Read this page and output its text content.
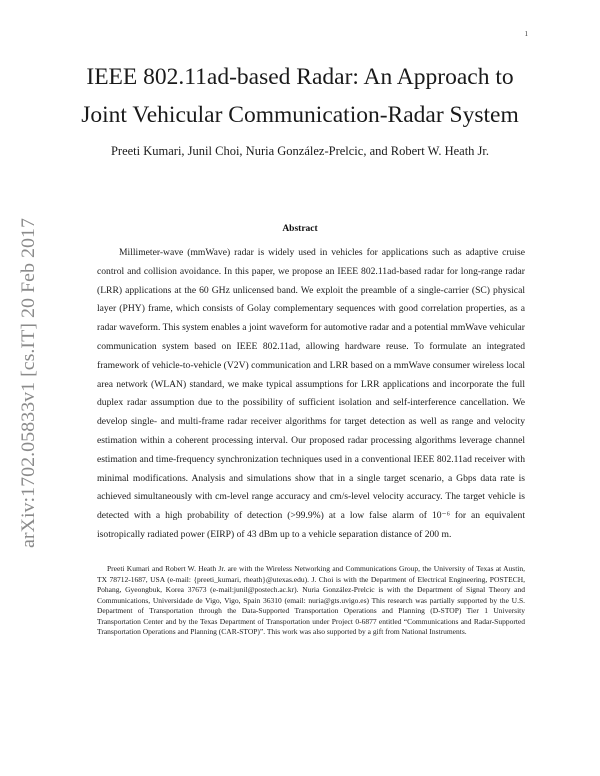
1
arXiv:1702.05833v1 [cs.IT] 20 Feb 2017
IEEE 802.11ad-based Radar: An Approach to
Joint Vehicular Communication-Radar System
Preeti Kumari, Junil Choi, Nuria González-Prelcic, and Robert W. Heath Jr.
Abstract

Millimeter-wave (mmWave) radar is widely used in vehicles for applications such as adaptive cruise control and collision avoidance. In this paper, we propose an IEEE 802.11ad-based radar for long-range radar (LRR) applications at the 60 GHz unlicensed band. We exploit the preamble of a single-carrier (SC) physical layer (PHY) frame, which consists of Golay complementary sequences with good correlation properties, as a radar waveform. This system enables a joint waveform for automotive radar and a potential mmWave vehicular communication system based on IEEE 802.11ad, allowing hardware reuse. To formulate an integrated framework of vehicle-to-vehicle (V2V) communication and LRR based on a mmWave consumer wireless local area network (WLAN) standard, we make typical assumptions for LRR applications and incorporate the full duplex radar assumption due to the possibility of sufficient isolation and self-interference cancellation. We develop single- and multi-frame radar receiver algorithms for target detection as well as range and velocity estimation within a coherent processing interval. Our proposed radar processing algorithms leverage channel estimation and time-frequency synchronization techniques used in a conventional IEEE 802.11ad receiver with minimal modifications. Analysis and simulations show that in a single target scenario, a Gbps data rate is achieved simultaneously with cm-level range accuracy and cm/s-level velocity accuracy. The target vehicle is detected with a high probability of detection (>99.9%) at a low false alarm of 10⁻⁶ for an equivalent isotropically radiated power (EIRP) of 43 dBm up to a vehicle separation distance of 200 m.

Preeti Kumari and Robert W. Heath Jr. are with the Wireless Networking and Communications Group, the University of Texas at Austin, TX 78712-1687, USA (e-mail: {preeti_kumari, rheath}@utexas.edu). J. Choi is with the Department of Electrical Engineering, POSTECH, Pohang, Gyeongbuk, Korea 37673 (e-mail:junil@postech.ac.kr). Nuria González-Prelcic is with the Department of Signal Theory and Communications, Universidade de Vigo, Vigo, Spain 36310 (email: nuria@gts.uvigo.es) This research was partially supported by the U.S. Department of Transportation through the Data-Supported Transportation Operations and Planning (D-STOP) Tier 1 University Transportation Center and by the Texas Department of Transportation under Project 0-6877 entitled “Communications and Radar-Supported Transportation Operations and Planning (CAR-STOP)”. This work was also supported by a gift from National Instruments.
